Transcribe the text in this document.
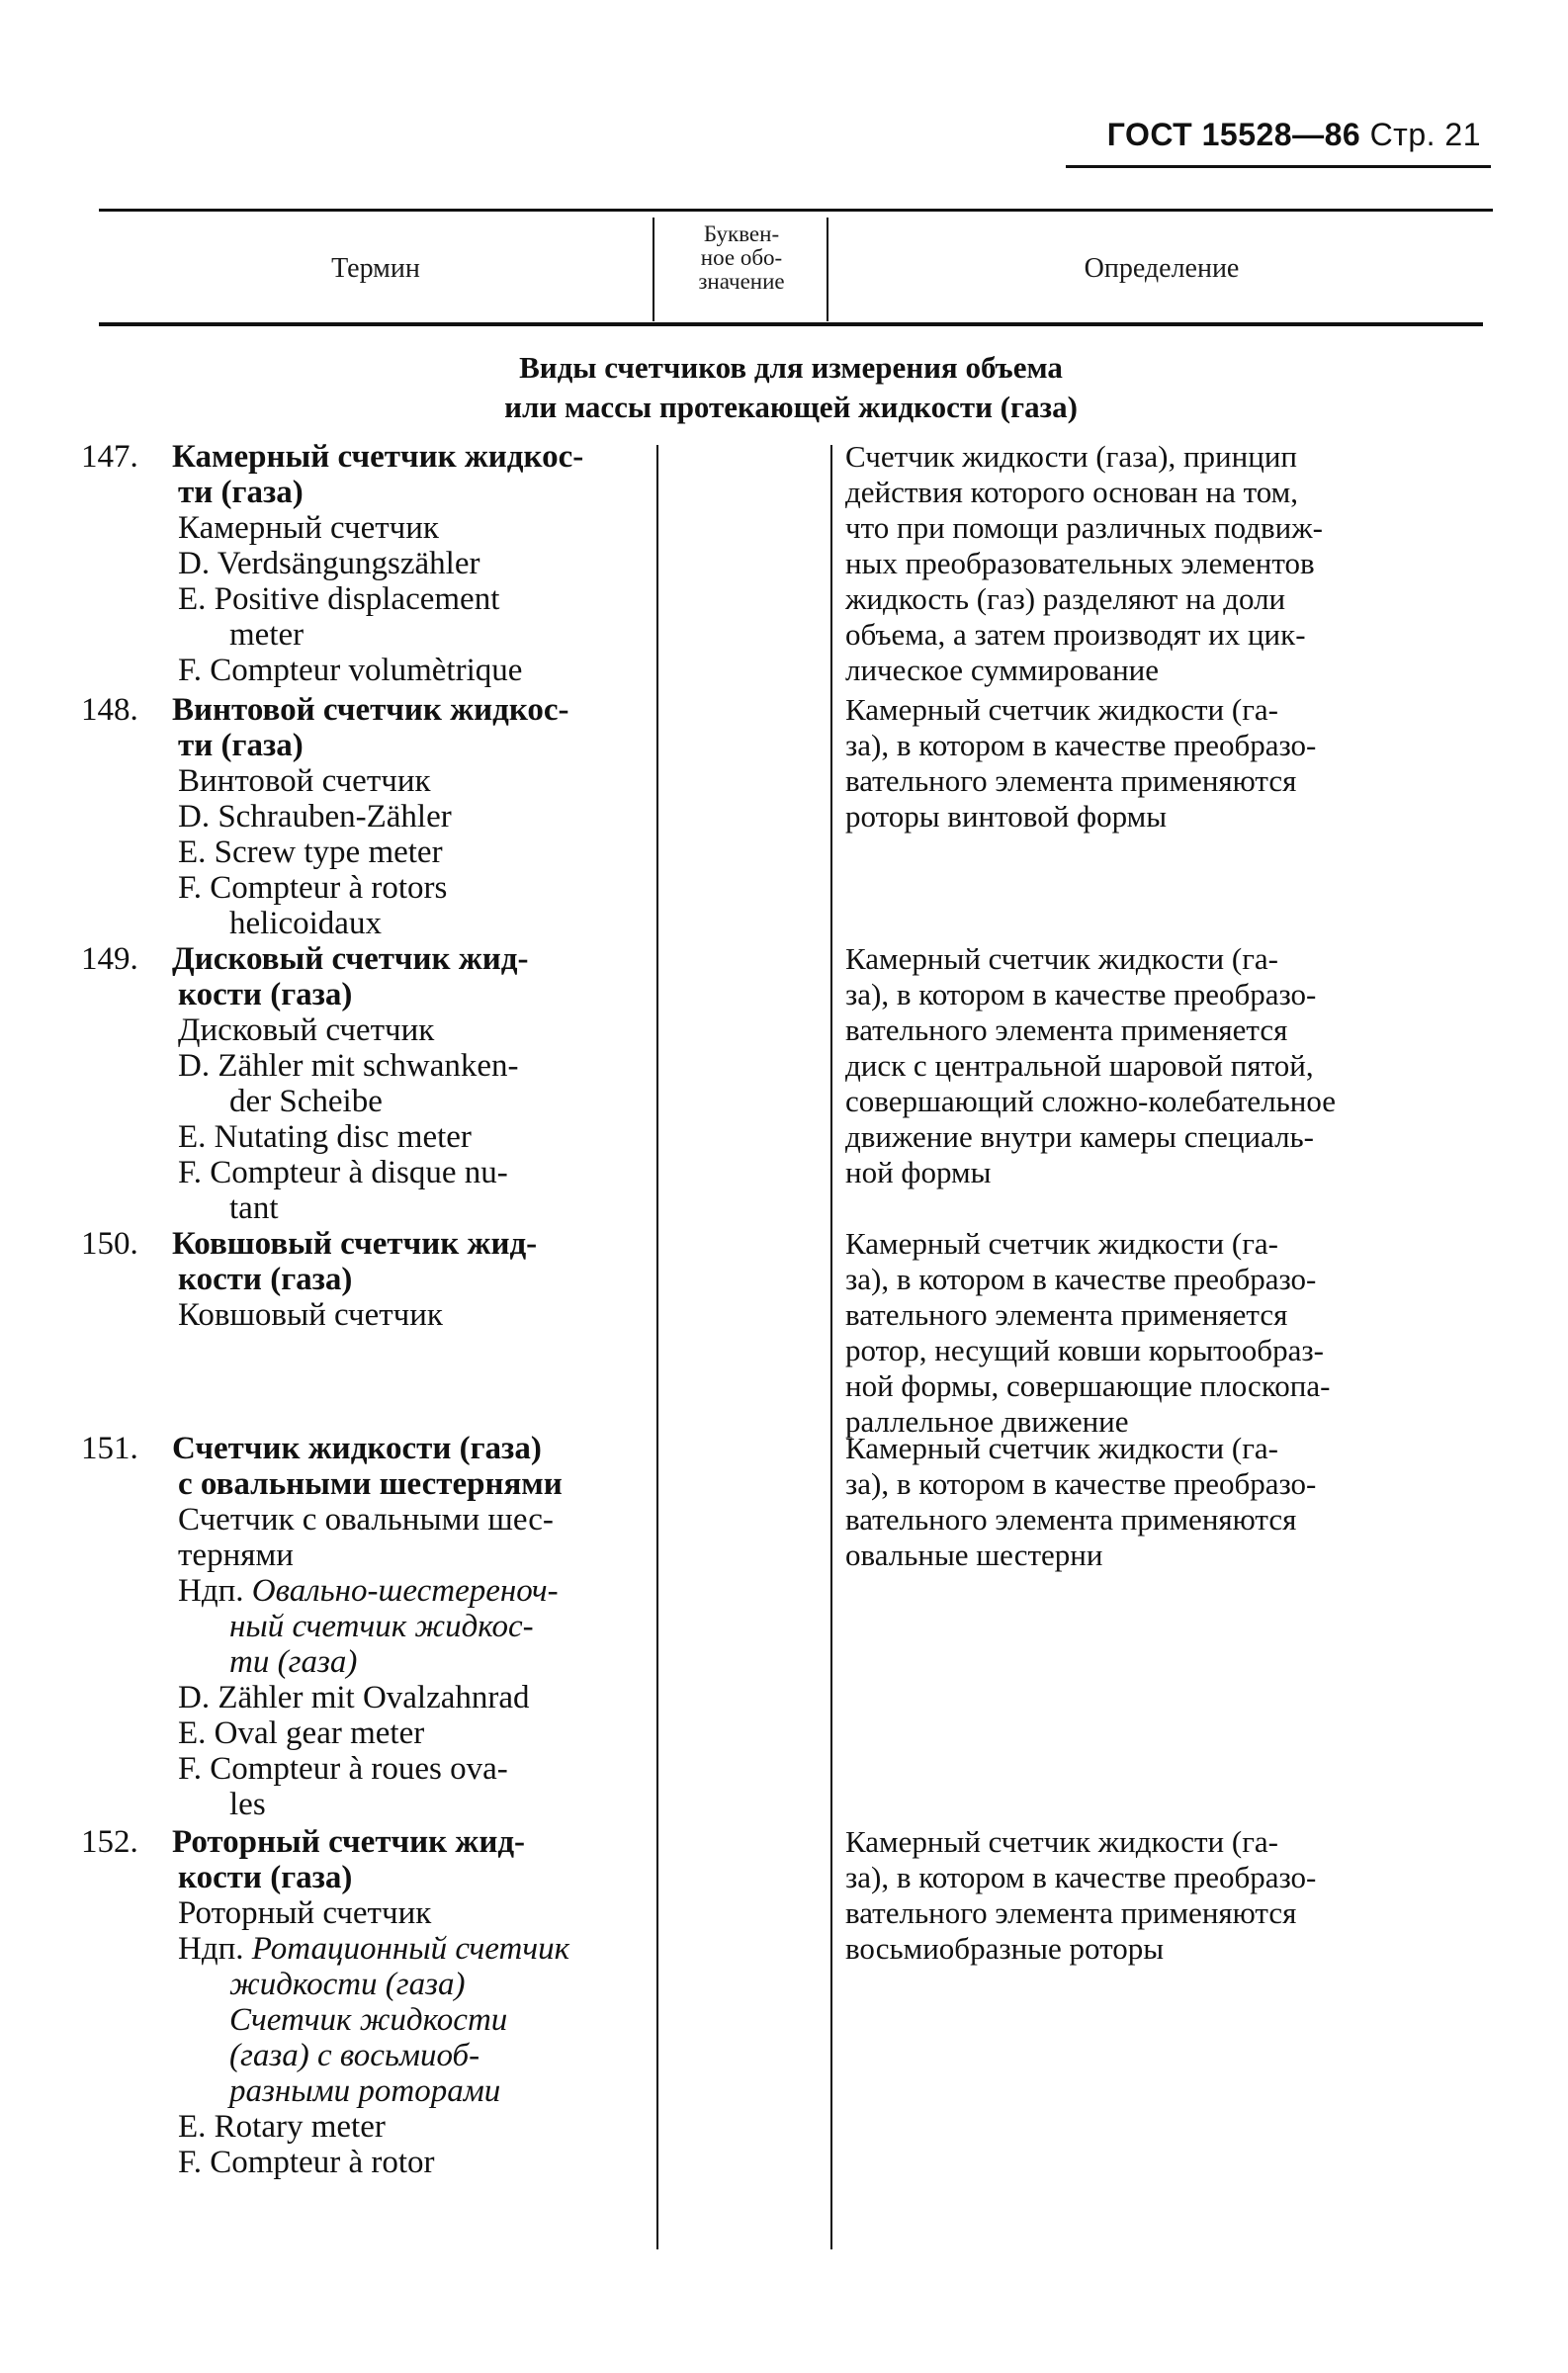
ГОСТ 15528—86 Стр. 21
Термин
Буквен-
ное обо-
значение	Определение
Виды счетчиков для измерения объема
или массы протекающей жидкости (газа)
147. Камерный счетчик жидкос-
ти (газа)
Камерный счетчик
D. Verdsängungszähler
E. Positive displacement
meter
F. Compteur volumètrique
Счетчик жидкости (газа), принцип
действия которого основан на том,
что при помощи различных подвиж-
ных преобразовательных элементов
жидкость (газ) разделяют на доли
объема, а затем производят их цик-
лическое суммирование
148. Винтовой счетчик жидкос-
ти (газа)
Винтовой счетчик
D. Schrauben-Zähler
E. Screw type meter
F. Compteur à rotors
helicoidaux
Камерный счетчик жидкости (га-
за), в котором в качестве преобразо-
вательного элемента применяются
роторы винтовой формы
149. Дисковый счетчик жид-
кости (газа)
Дисковый счетчик
D. Zähler mit schwanken-
der Scheibe
E. Nutating disc meter
F. Compteur à disque nu-
tant
Камерный счетчик жидкости (га-
за), в котором в качестве преобразо-
вательного элемента применяется
диск с центральной шаровой пятой,
совершающий сложно-колебательное
движение внутри камеры специаль-
ной формы
150. Ковшовый счетчик жид-
кости (газа)
Ковшовый счетчик
Камерный счетчик жидкости (га-
за), в котором в качестве преобразо-
вательного элемента применяется
ротор, несущий ковши корытообраз-
ной формы, совершающие плоскопа-
раллельное движение
151. Счетчик жидкости (газа)
с овальными шестернями
Счетчик с овальными шес-
тернями
Ндп. Овально-шестереноч-
ный счетчик жидкос-
ти (газа)
D. Zähler mit Ovalzahnrad
E. Oval gear meter
F. Compteur à roues ova-
les
Камерный счетчик жидкости (га-
за), в котором в качестве преобразо-
вательного элемента применяются
овальные шестерни
152. Роторный счетчик жид-
кости (газа)
Роторный счетчик
Ндп. Ротационный счетчик
жидкости (газа)
Счетчик жидкости
(газа) с восьмиоб-
разными роторами
E. Rotary meter
F. Compteur à rotor
Камерный счетчик жидкости (га-
за), в котором в качестве преобразо-
вательного элемента применяются
восьмиобразные роторы
